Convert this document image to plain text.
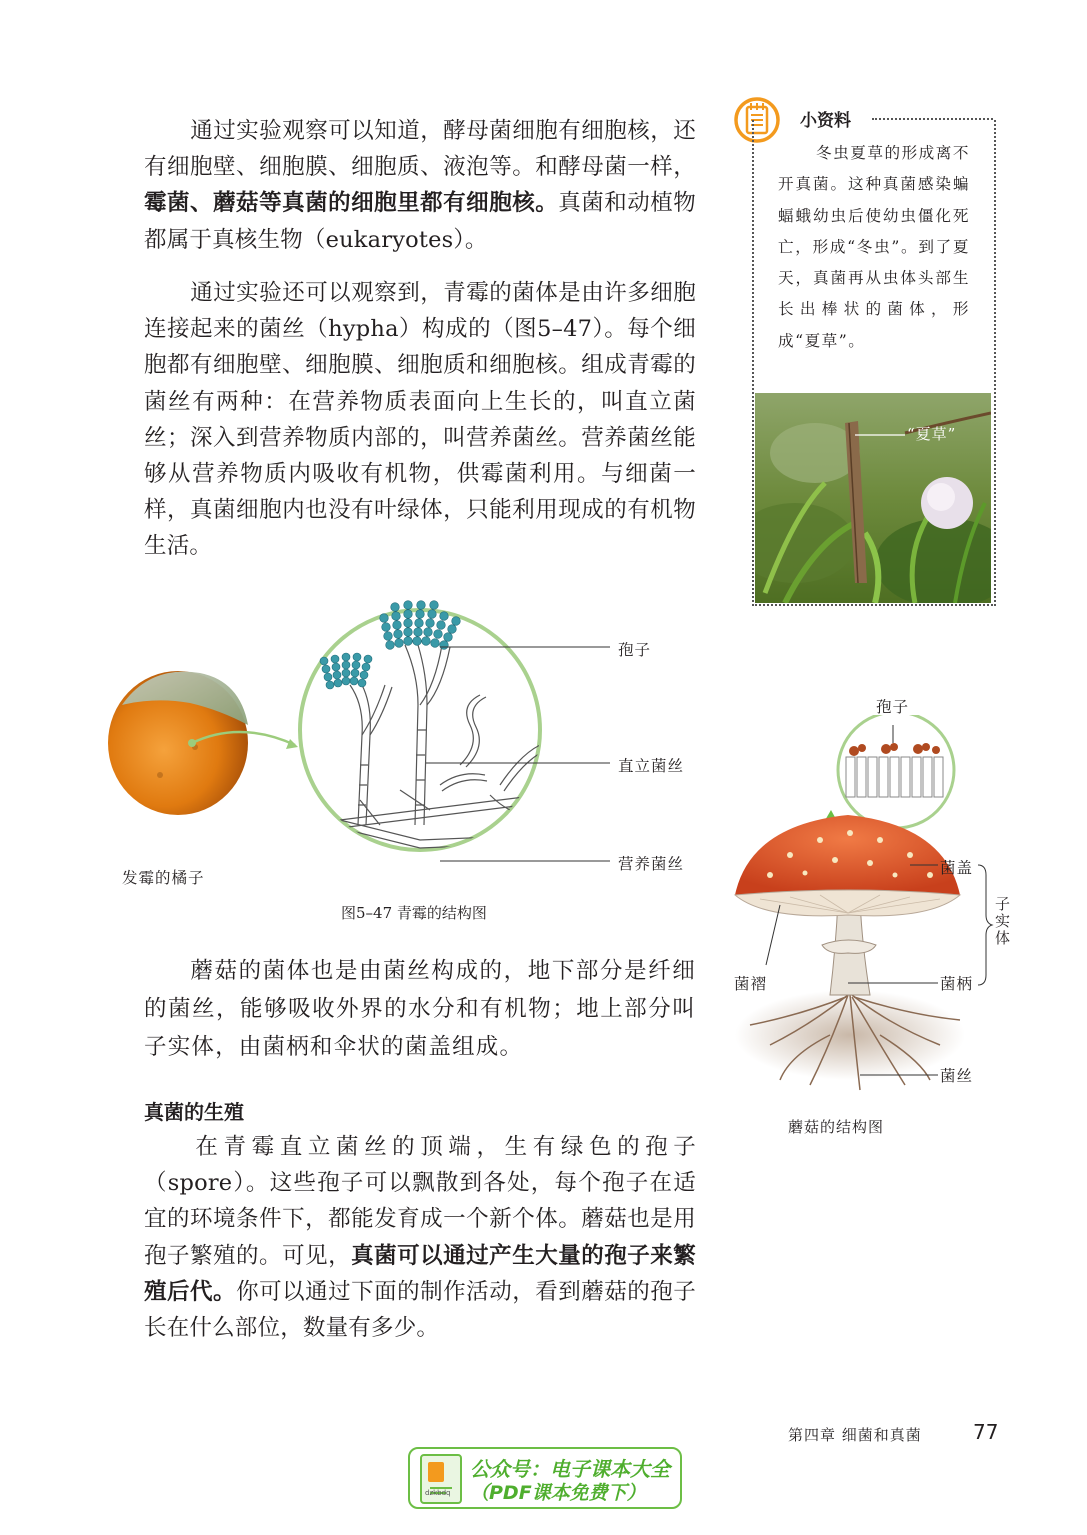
通过实验观察可以知道，酵母菌细胞有细胞核，还有细胞壁、细胞膜、细胞质、液泡等。和酵母菌一样，霉菌、蘑菇等真菌的细胞里都有细胞核。真菌和动植物都属于真核生物（eukaryotes）。

通过实验还可以观察到，青霉的菌体是由许多细胞连接起来的菌丝（hypha）构成的（图5–47）。每个细胞都有细胞壁、细胞膜、细胞质和细胞核。组成青霉的菌丝有两种：在营养物质表面向上生长的，叫直立菌丝；深入到营养物质内部的，叫营养菌丝。营养菌丝能够从营养物质内吸收有机物，供霉菌利用。与细菌一样，真菌细胞内也没有叶绿体，只能利用现成的有机物生活。

小资料

冬虫夏草的形成离不开真菌。这种真菌感染蝙蝠蛾幼虫后使幼虫僵化死亡，形成“冬虫”。到了夏天，真菌再从虫体头部生长出棒状的菌体，形成“夏草”。

“夏草”
孢子
直立菌丝
营养菌丝
发霉的橘子
图5–47 青霉的结构图

蘑菇的菌体也是由菌丝构成的，地下部分是纤细的菌丝，能够吸收外界的水分和有机物；地上部分叫子实体，由菌柄和伞状的菌盖组成。

孢子
菌盖
菌褶	菌柄
菌丝
子实体
蘑菇的结构图
真菌的生殖

在青霉直立菌丝的顶端，生有绿色的孢子（spore）。这些孢子可以飘散到各处，每个孢子在适宜的环境条件下，都能发育成一个新个体。蘑菇也是用孢子繁殖的。可见，真菌可以通过产生大量的孢子来繁殖后代。你可以通过下面的制作活动，看到蘑菇的孢子长在什么部位，数量有多少。

第四章 细菌和真菌	77
dzkbdq
公众号：电子课本大全
（PDF课本免费下）
